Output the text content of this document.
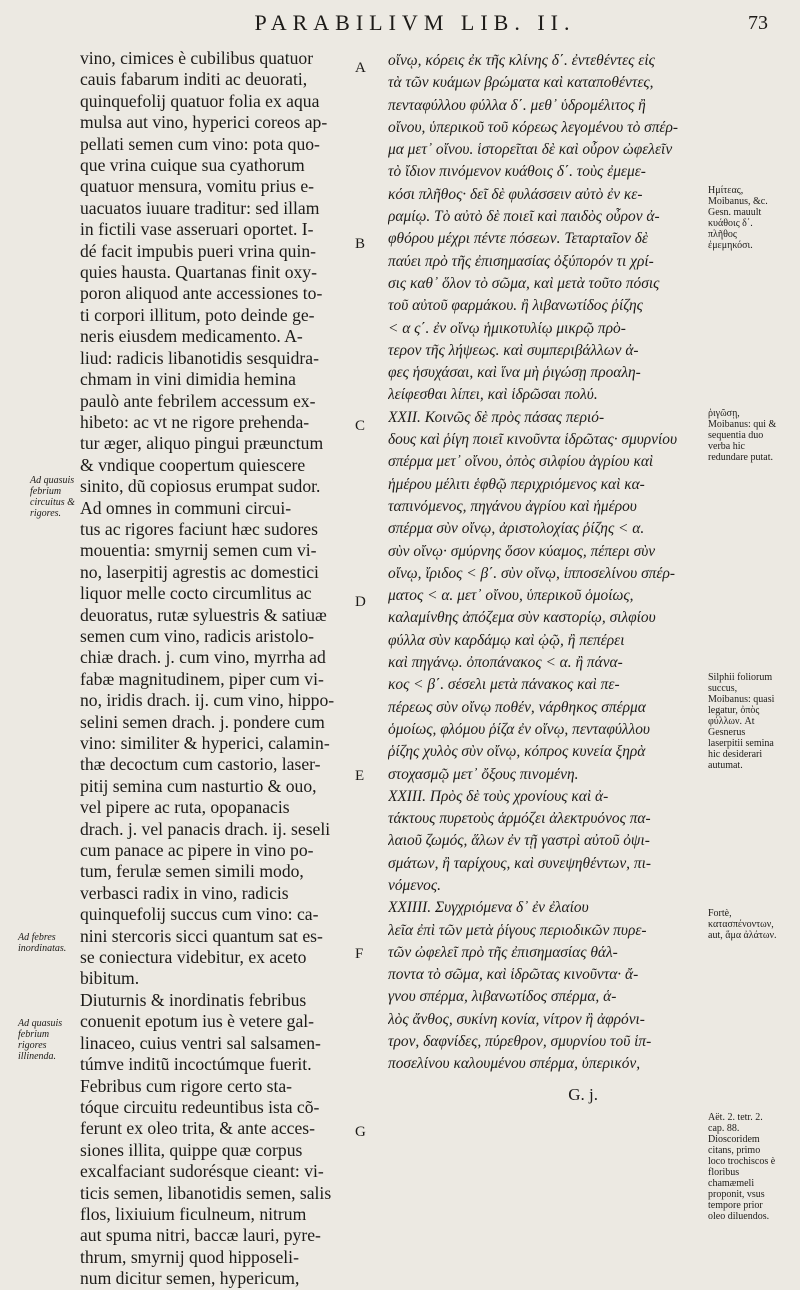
PARABILIVM LIB. II.	73
vino, cimices è cubilibus quatuor
cauis fabarum inditi ac deuorati,
quinquefolij quatuor folia ex aqua
mulsa aut vino, hyperici coreos ap-
pellati semen cum vino: pota quo-
que vrina cuique sua cyathorum
quatuor mensura, vomitu prius e-
uacuatos iuuare traditur: sed illam
in fictili vase asseruari oportet. I-
dé facit impubis pueri vrina quin-
quies hausta. Quartanas finit oxy-
poron aliquod ante accessiones to-
ti corpori illitum, poto deinde ge-
neris eiusdem medicamento. A-
liud: radicis libanotidis sesquidra-
chmam in vini dimidia hemina
paulò ante febrilem accessum ex-
hibeto: ac vt ne rigore prehenda-
tur æger, aliquo pingui præunctum
& vndique coopertum quiescere
sinito, dũ copiosus erumpat sudor.
Ad omnes in communi circui-
tus ac rigores faciunt hæc sudores
mouentia: smyrnij semen cum vi-
no, laserpitij agrestis ac domestici
liquor melle cocto circumlitus ac
deuoratus, rutæ syluestris & satiuæ
semen cum vino, radicis aristolo-
chiæ drach. j. cum vino, myrrha ad
fabæ magnitudinem, piper cum vi-
no, iridis drach. ij. cum vino, hippo-
selini semen drach. j. pondere cum
vino: similiter & hyperici, calamin-
thæ decoctum cum castorio, laser-
pitij semina cum nasturtio & ouo,
vel pipere ac ruta, opopanacis
drach. j. vel panacis drach. ij. seseli
cum panace ac pipere in vino po-
tum, ferulæ semen simili modo,
verbasci radix in vino, radicis
quinquefolij succus cum vino: ca-
nini stercoris sicci quantum sat es-
se coniectura videbitur, ex aceto
bibitum.
Diuturnis & inordinatis febribus
conuenit epotum ius è vetere gal-
linaceo, cuius ventri sal salsamen-
túmve inditũ incoctúmque fuerit.
Febribus cum rigore certo sta-
tóque circuitu redeuntibus ista cõ-
ferunt ex oleo trita, & ante acces-
siones illita, quippe quæ corpus
excalfaciant sudorésque cieant: vi-
ticis semen, libanotidis semen, salis
flos, lixiuium ficulneum, nitrum
aut spuma nitri, baccæ lauri, pyre-
thrum, smyrnij quod hipposeli-
num dicitur semen, hypericum,
οἴνῳ, κόρεις ἐκ τῆς κλίνης δ΄. ἐντεθέντες εἰς
τὰ τῶν κυάμων βρώματα καὶ καταποθέντες,
πενταφύλλου φύλλα δ΄. μεθ᾽ ὑδρομέλιτος ἢ
οἴνου, ὑπερικοῦ τοῦ κόρεως λεγομένου τὸ σπέρ-
μα μετ᾽ οἴνου. ἱστορεῖται δὲ καὶ οὖρον ὠφελεῖν
τὸ ἴδιον πινόμενον κυάθοις δ΄. τοὺς ἐμεμε-
κόσι πλῆθος· δεῖ δὲ φυλάσσειν αὐτὸ ἐν κε-
ραμίῳ. Τὸ αὐτὸ δὲ ποιεῖ καὶ παιδὸς οὖρον ἀ-
φθόρου μέχρι πέντε πόσεων. Τεταρταῖον δὲ
παύει πρὸ τῆς ἐπισημασίας ὀξύπορόν τι χρί-
σις καθ᾽ ὅλον τὸ σῶμα, καὶ μετὰ τοῦτο πόσις
τοῦ αὐτοῦ φαρμάκου. ἢ λιβανωτίδος ῥίζης
< α ς΄. ἐν οἴνῳ ἡμικοτυλίῳ μικρῷ πρὸ-
τερον τῆς λήψεως. καὶ συμπεριβάλλων ἀ-
φες ἡσυχάσαι, καὶ ἵνα μὴ ῥιγώσῃ προαλη-
λείφεσθαι λίπει, καὶ ἱδρῶσαι πολύ.
XXII. Κοινῶς δὲ πρὸς πάσας περιό-
δους καὶ ῥίγη ποιεῖ κινοῦντα ἱδρῶτας· σμυρνίου
σπέρμα μετ᾽ οἴνου, ὀπὸς σιλφίου ἀγρίου καὶ
ἡμέρου μέλιτι ἑφθῷ περιχριόμενος καὶ κα-
ταπινόμενος, πηγάνου ἀγρίου καὶ ἡμέρου
σπέρμα σὺν οἴνῳ, ἀριστολοχίας ῥίζης < α.
σὺν οἴνῳ· σμύρνης ὅσον κύαμος, πέπερι σὺν
οἴνῳ, ἴριδος < β΄. σὺν οἴνῳ, ἱπποσελίνου σπέρ-
ματος < α. μετ᾽ οἴνου, ὑπερικοῦ ὁμοίως,
καλαμίνθης ἀπόζεμα σὺν καστορίῳ, σιλφίου
φύλλα σὺν καρδάμῳ καὶ ᾠῷ, ἢ πεπέρει
καὶ πηγάνῳ. ὀποπάνακος < α. ἢ πάνα-
κος < β΄. σέσελι μετὰ πάνακος καὶ πε-
πέρεως σὺν οἴνῳ ποθέν, νάρθηκος σπέρμα
ὁμοίως, φλόμου ῥίζα ἐν οἴνῳ, πενταφύλλου
ῥίζης χυλὸς σὺν οἴνῳ, κόπρος κυνεία ξηρὰ
στοχασμῷ μετ᾽ ὄξους πινομένη.
XXIII. Πρὸς δὲ τοὺς χρονίους καὶ ἀ-
τάκτους πυρετοὺς ἁρμόζει ἀλεκτρυόνος πα-
λαιοῦ ζωμός, ἅλων ἐν τῇ γαστρὶ αὐτοῦ ὀψι-
σμάτων, ἢ ταρίχους, καὶ συνεψηθέντων, πι-
νόμενος.
XXIIII. Συγχριόμενα δ᾽ ἐν ἐλαίου
λεῖα ἐπὶ τῶν μετὰ ῥίγους περιοδικῶν πυρε-
τῶν ὠφελεῖ πρὸ τῆς ἐπισημασίας θάλ-
ποντα τὸ σῶμα, καὶ ἱδρῶτας κινοῦντα· ἄ-
γνου σπέρμα, λιβανωτίδος σπέρμα, ἁ-
λὸς ἄνθος, συκίνη κονία, νίτρον ἢ ἀφρόνι-
τρον, δαφνίδες, πύρεθρον, σμυρνίου τοῦ ἱπ-
ποσελίνου καλουμένου σπέρμα, ὑπερικόν,
G. j.
A
B
C
D
E
F
G
Ad quasuis febrium circuitus & rigores.
Ad febres inordinatas.
Ad quasuis febrium rigores illinenda.
Ημίτεας, Moibanus, &c. Gesn. mauult κυάθοις δ΄. πλῆθος ἐμεμηκόσι.
ῥιγῶσῃ, Moibanus: qui & sequentia duo verba hic redundare putat.
Silphii foliorum succus, Moibanus: quasi legatur, ὀπὸς φύλλων. At Gesnerus laserpitii semina hic desiderari autumat.
Fortè, κατασπένοντων, aut, ἅμα ἀλάτων.
Aët. 2. tetr. 2. cap. 88. Dioscoridem citans, primo loco trochiscos è floribus chamæmeli proponit, vsus tempore prior oleo diluendos.
